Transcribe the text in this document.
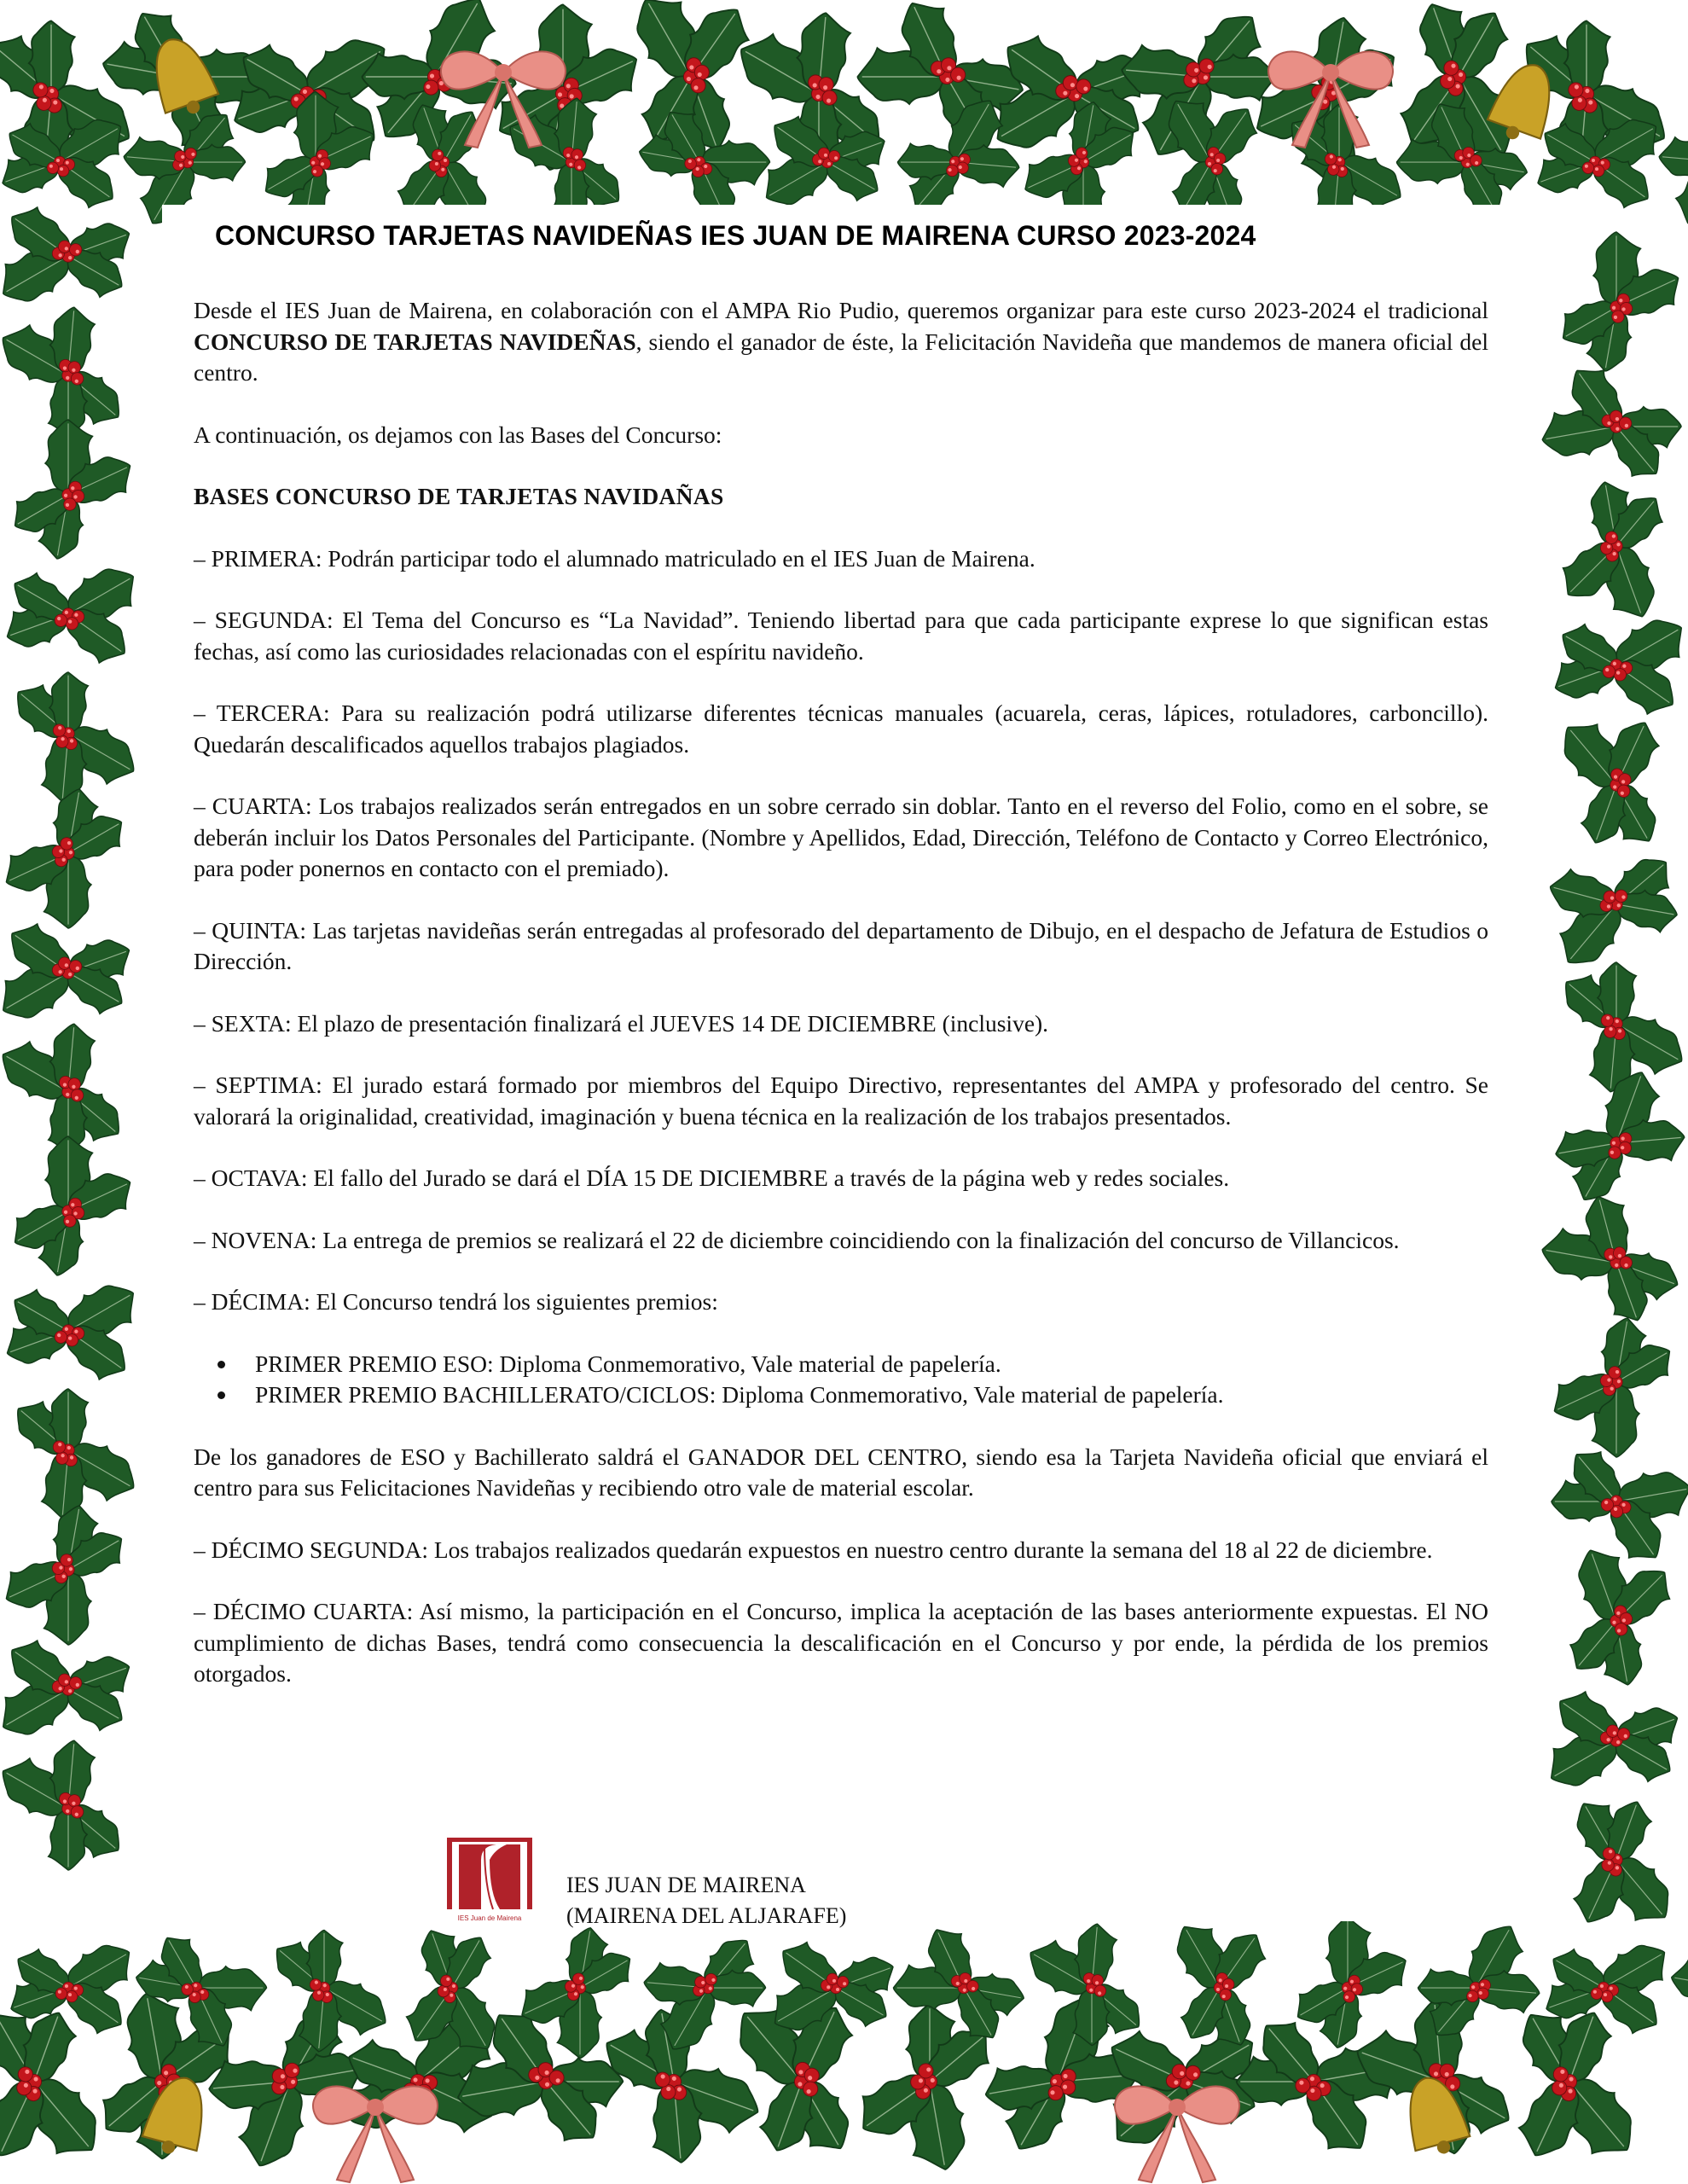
CONCURSO TARJETAS NAVIDEÑAS IES JUAN DE MAIRENA CURSO 2023-2024

Desde el IES Juan de Mairena, en colaboración con el AMPA Rio Pudio, queremos organizar para este curso 2023-2024 el tradicional CONCURSO DE TARJETAS NAVIDEÑAS, siendo el ganador de éste, la Felicitación Navideña que mandemos de manera oficial del centro.

A continuación, os dejamos con las Bases del Concurso:

BASES CONCURSO DE TARJETAS NAVIDAÑAS

– PRIMERA: Podrán participar todo el alumnado matriculado en el IES Juan de Mairena.

– SEGUNDA: El Tema del Concurso es “La Navidad”. Teniendo libertad para que cada participante exprese lo que significan estas fechas, así como las curiosidades relacionadas con el espíritu navideño.

– TERCERA: Para su realización podrá utilizarse diferentes técnicas manuales (acuarela, ceras, lápices, rotuladores, carboncillo). Quedarán descalificados aquellos trabajos plagiados.

– CUARTA: Los trabajos realizados serán entregados en un sobre cerrado sin doblar. Tanto en el reverso del Folio, como en el sobre, se deberán incluir los Datos Personales del Participante. (Nombre y Apellidos, Edad, Dirección, Teléfono de Contacto y Correo Electrónico, para poder ponernos en contacto con el premiado).

– QUINTA: Las tarjetas navideñas serán entregadas al profesorado del departamento de Dibujo, en el despacho de Jefatura de Estudios o Dirección.

– SEXTA: El plazo de presentación finalizará el JUEVES 14 DE DICIEMBRE (inclusive).

– SEPTIMA: El jurado estará formado por miembros del Equipo Directivo, representantes del AMPA y profesorado del centro. Se valorará la originalidad, creatividad, imaginación y buena técnica en la realización de los trabajos presentados.

– OCTAVA: El fallo del Jurado se dará el DÍA 15 DE DICIEMBRE a través de la página web y redes sociales.

– NOVENA: La entrega de premios se realizará el 22 de diciembre coincidiendo con la finalización del concurso de Villancicos.

– DÉCIMA: El Concurso tendrá los siguientes premios:

PRIMER PREMIO ESO: Diploma Conmemorativo, Vale material de papelería.
PRIMER PREMIO BACHILLERATO/CICLOS: Diploma Conmemorativo, Vale material de papelería.

De los ganadores de ESO y Bachillerato saldrá el GANADOR DEL CENTRO, siendo esa la Tarjeta Navideña oficial que enviará el centro para sus Felicitaciones Navideñas y recibiendo otro vale de material escolar.

– DÉCIMO SEGUNDA: Los trabajos realizados quedarán expuestos en nuestro centro durante la semana del 18 al 22 de diciembre.

– DÉCIMO CUARTA: Así mismo, la participación en el Concurso, implica la aceptación de las bases anteriormente expuestas. El NO cumplimiento de dichas Bases, tendrá como consecuencia la descalificación en el Concurso y por ende, la pérdida de los premios otorgados.

IES Juan de Mairena
IES JUAN DE MAIRENA
(MAIRENA DEL ALJARAFE)
